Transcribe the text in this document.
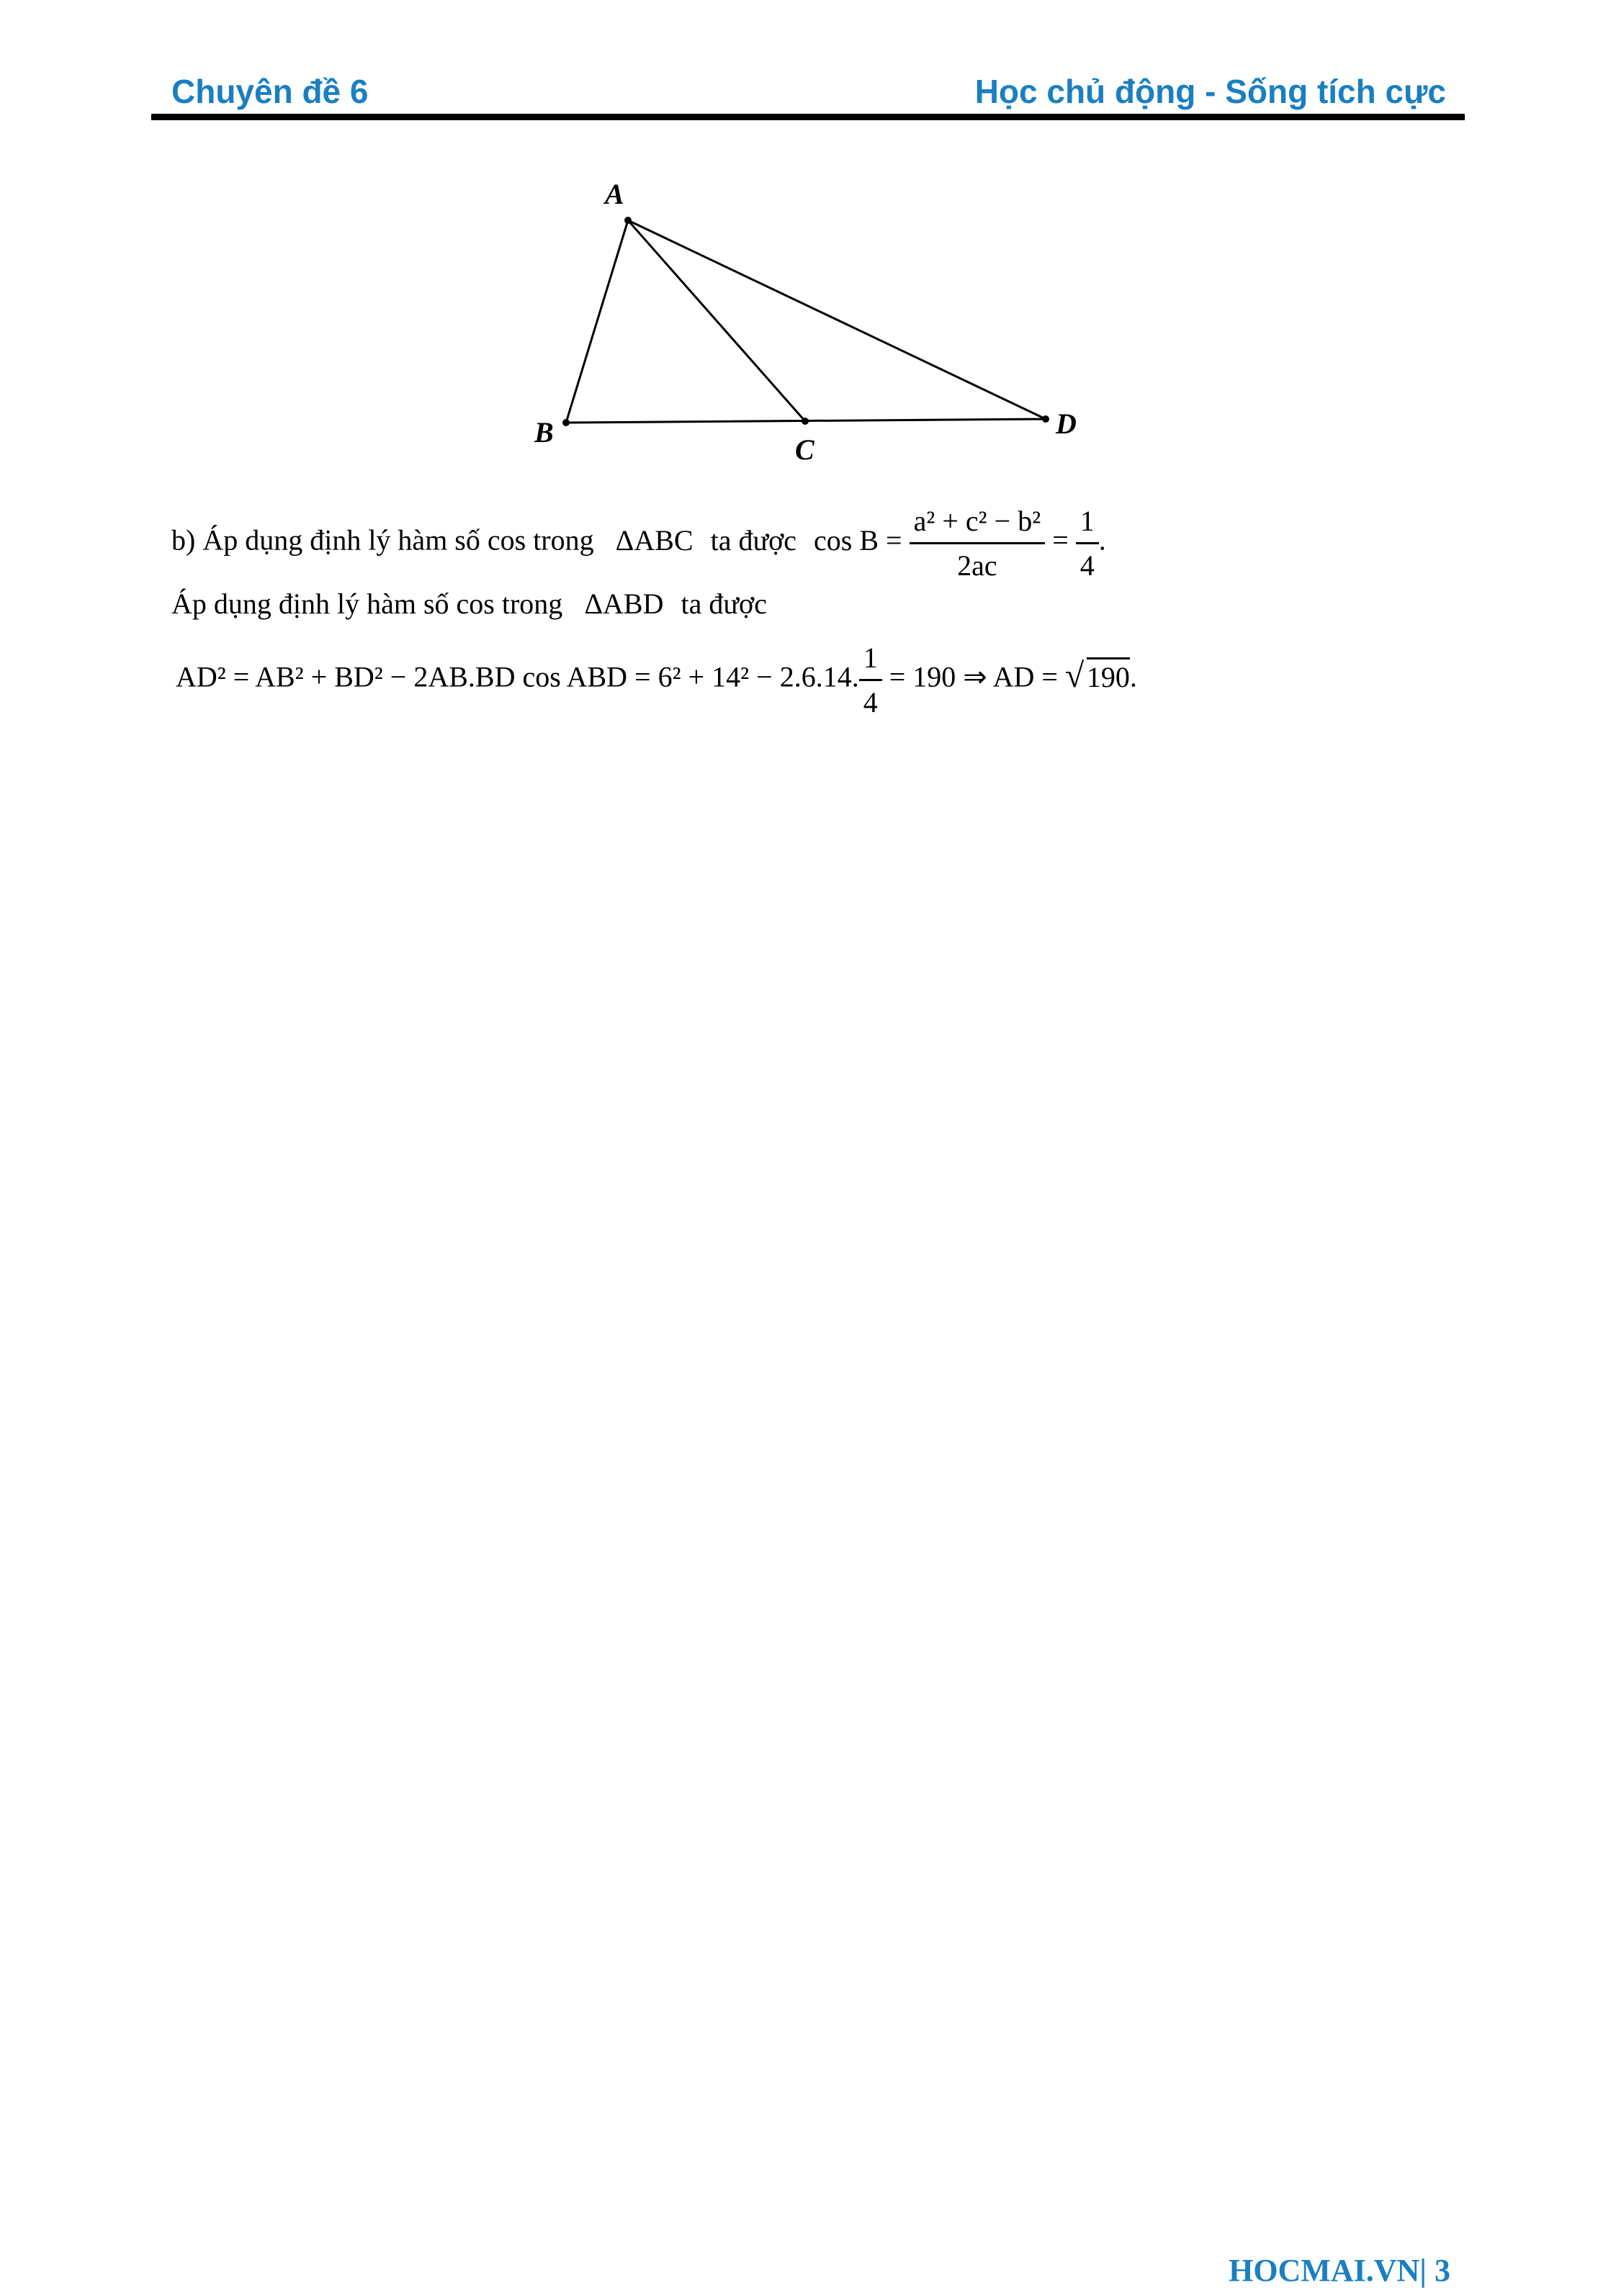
Chuyên đề 6	Học chủ động - Sống tích cực
A
B
C
D
b) Áp dụng định lý hàm số cos trong ΔABC ta được $\cos B = \frac{\text{a² + c² − b²}}{2ac} = \frac{1}{4}$ .
Áp dụng định lý hàm số cos trong ΔABD ta được
AD² = AB² + BD² − 2AB.BD cos ABD = 6² + 14² − 2.6.14. $\frac{1}{4} = 190$ ⇒ AD = √ 190.
HOCMAI.VN| 3
